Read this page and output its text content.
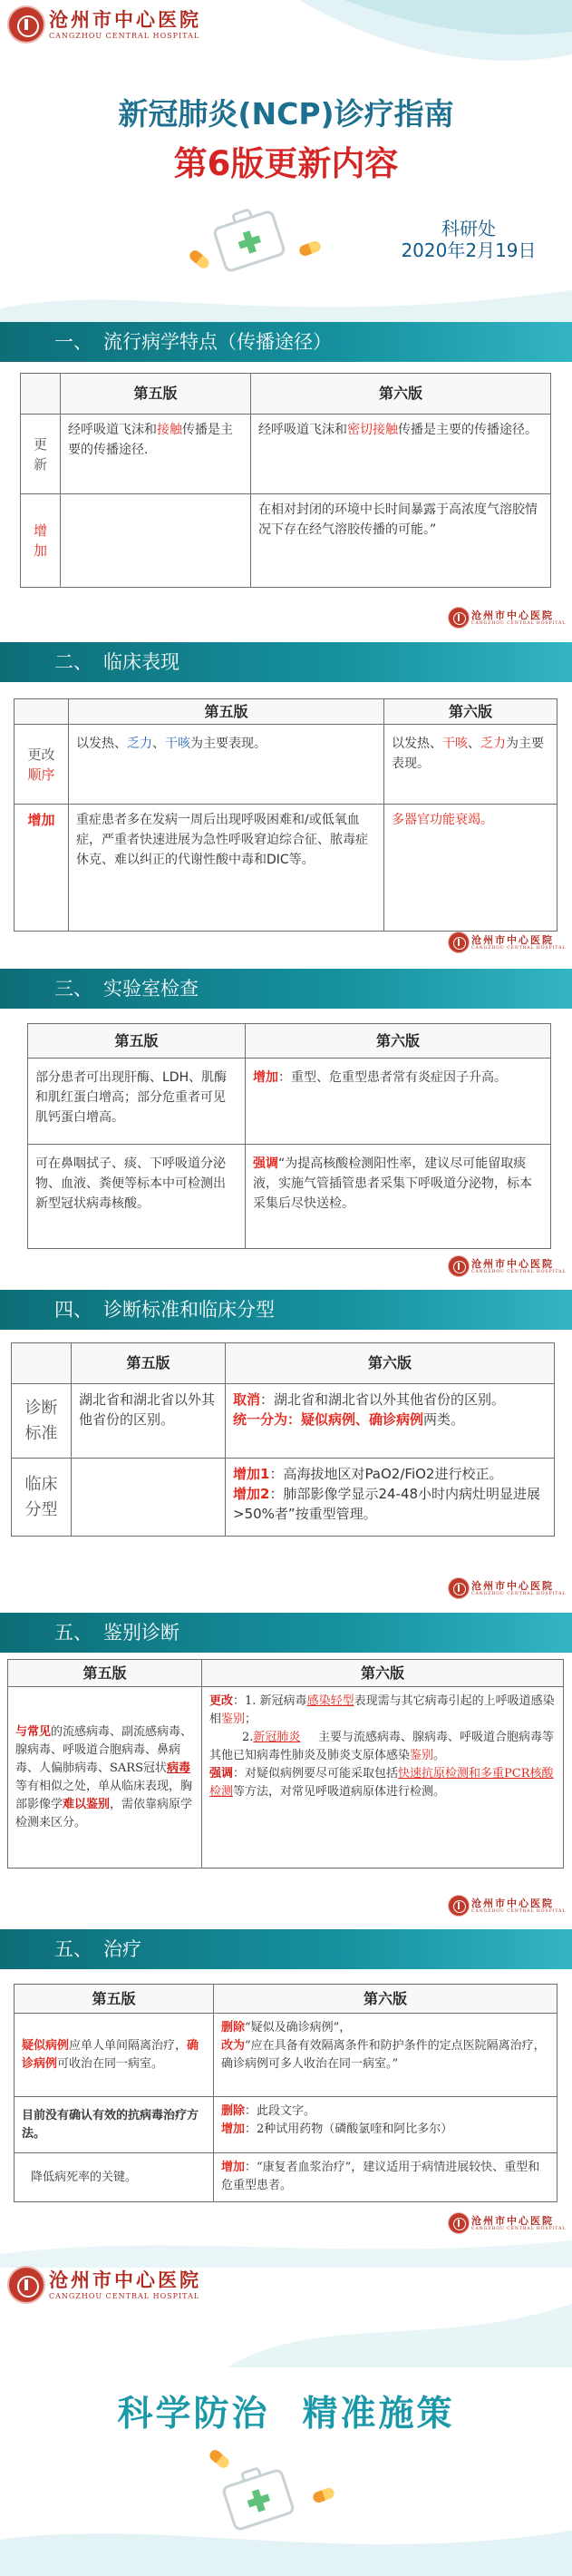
沧州市中心医院
CANGZHOU CENTRAL HOSPITAL
新冠肺炎(NCP)诊疗指南
第6版更新内容
科研处
2020年2月19日
一、 流行病学特点（传播途径）
	第五版	第六版
更新	经呼吸道飞沫和接触传播是主要的传播途径.	经呼吸道飞沫和密切接触传播是主要的传播途径。
增加		在相对封闭的环境中长时间暴露于高浓度气溶胶情况下存在经气溶胶传播的可能。”
沧州市中心医院
CANGZHOU CENTRAL HOSPITAL
二、 临床表现
	第五版	第六版

更改
顺序	以发热、乏力、干咳为主要表现。	以发热、干咳、乏力为主要表现。
增加	重症患者多在发病一周后出现呼吸困难和/或低氧血症，严重者快速进展为急性呼吸窘迫综合征、脓毒症休克、难以纠正的代谢性酸中毒和DIC等。	多器官功能衰竭。
沧州市中心医院
CANGZHOU CENTRAL HOSPITAL
三、 实验室检查
第五版	第六版
部分患者可出现肝酶、LDH、肌酶和肌红蛋白增高；部分危重者可见肌钙蛋白增高。	增加：重型、危重型患者常有炎症因子升高。
可在鼻咽拭子、痰、下呼吸道分泌物、血液、粪便等标本中可检测出新型冠状病毒核酸。	强调“为提高核酸检测阳性率，建议尽可能留取痰液，实施气管插管患者采集下呼吸道分泌物，标本采集后尽快送检。
沧州市中心医院
CANGZHOU CENTRAL HOSPITAL
四、 诊断标准和临床分型
	第五版	第六版
诊断标准	湖北省和湖北省以外其他省份的区别。	取消：湖北省和湖北省以外其他省份的区别。
统一分为：疑似病例、确诊病例两类。

临床分型		增加1：高海拔地区对PaO2/FiO2进行校正。
增加2：肺部影像学显示24-48小时内病灶明显进展>50%者”按重型管理。
沧州市中心医院
CANGZHOU CENTRAL HOSPITAL
五、 鉴别诊断
第五版	第六版
与常见的流感病毒、副流感病毒、腺病毒、呼吸道合胞病毒、鼻病毒、人偏肺病毒、SARS冠状病毒等有相似之处，单从临床表现，胸部影像学难以鉴别，需依靠病原学检测来区分。	更改：1. 新冠病毒感染轻型表现需与其它病毒引起的上呼吸道感染相鉴别；
2.新冠肺炎 主要与流感病毒、腺病毒、呼吸道合胞病毒等其他已知病毒性肺炎及肺炎支原体感染鉴别。
强调：对疑似病例要尽可能采取包括快速抗原检测和多重PCR核酸检测等方法，对常见呼吸道病原体进行检测。
沧州市中心医院
CANGZHOU CENTRAL HOSPITAL
五、 治疗
第五版	第六版
疑似病例应单人单间隔离治疗，确诊病例可收治在同一病室。	删除“疑似及确诊病例”，
改为“应在具备有效隔离条件和防护条件的定点医院隔离治疗，确诊病例可多人收治在同一病室。”

目前没有确认有效的抗病毒治疗方法。	删除：此段文字。
增加：2种试用药物（磷酸氯喹和阿比多尔）

降低病死率的关键。	增加：“康复者血浆治疗”，建议适用于病情进展较快、重型和危重型患者。
沧州市中心医院
CANGZHOU CENTRAL HOSPITAL
沧州市中心医院
CANGZHOU CENTRAL HOSPITAL
科学防治 精准施策
